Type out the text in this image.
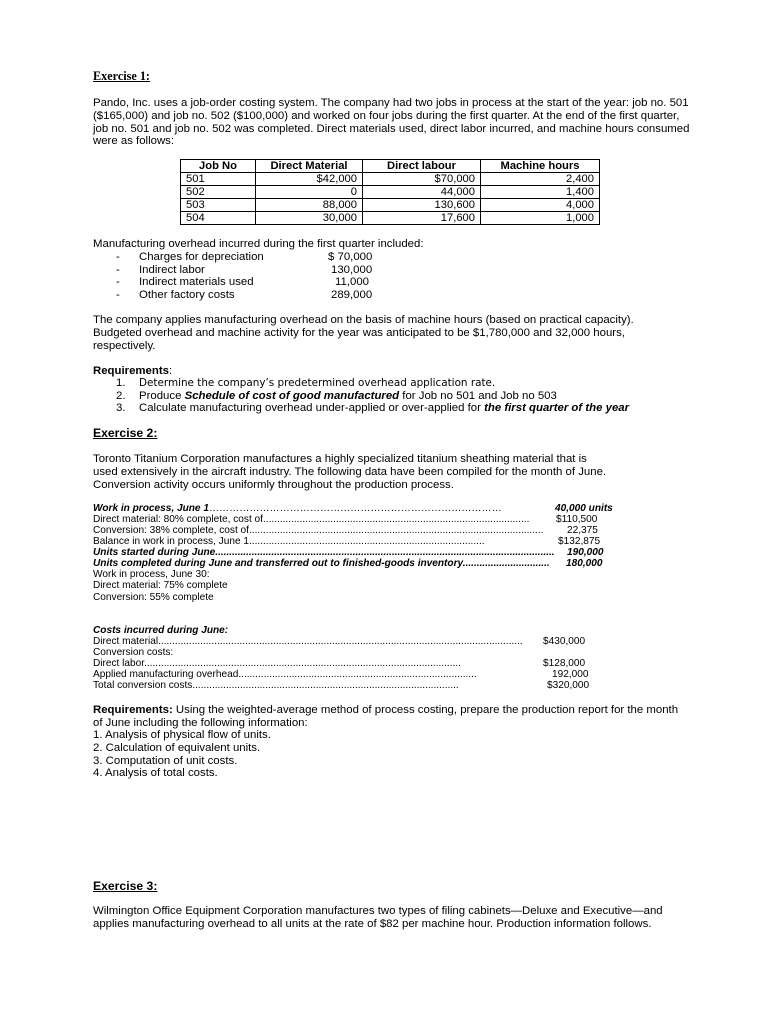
Exercise 1:
Pando, Inc. uses a job-order costing system. The company had two jobs in process at the start of the year: job no. 501
($165,000) and job no. 502 ($100,000) and worked on four jobs during the first quarter. At the end of the first quarter,
job no. 501 and job no. 502 was completed. Direct materials used, direct labor incurred, and machine hours consumed
were as follows:
Job No	Direct Material	Direct labour	Machine hours
501	$42,000	$70,000	2,400
502	0	44,000	1,400
503	88,000	130,600	4,000
504	30,000	17,600	1,000
Manufacturing overhead incurred during the first quarter included:
- Charges for depreciation	$ 70,000
- Indirect labor	130,000
- Indirect materials used	11,000
- Other factory costs	289,000
The company applies manufacturing overhead on the basis of machine hours (based on practical capacity).
Budgeted overhead and machine activity for the year was anticipated to be $1,780,000 and 32,000 hours,
respectively.
Requirements:
1. Determine the company’s predetermined overhead application rate.
2. Produce Schedule of cost of good manufactured for Job no 501 and Job no 503
3. Calculate manufacturing overhead under-applied or over-applied for the first quarter of the year
Exercise 2:
Toronto Titanium Corporation manufactures a highly specialized titanium sheathing material that is
used extensively in the aircraft industry. The following data have been compiled for the month of June.
Conversion activity occurs uniformly throughout the production process.
Work in process, June 1……………………………………………………………………………	40,000 units
Direct material: 80% complete, cost of...............................................................................................	$110,500
Conversion: 38% complete, cost of.........................................................................................................	22,375
Balance in work in process, June 1....................................................................................	$132,875
Units started during June.........................................................................................................................	190,000
Units completed during June and transferred out to finished-goods inventory...............................	180,000
Work in process, June 30:
Direct material: 75% complete
Conversion: 55% complete
Costs incurred during June:
Direct material..................................................................................................................................	$430,000
Conversion costs:
Direct labor.................................................................................................................	$128,000
Applied manufacturing overhead.....................................................................................	192,000
Total conversion costs...............................................................................................	$320,000
Requirements: Using the weighted-average method of process costing, prepare the production report for the month
of June including the following information:
1. Analysis of physical flow of units.
2. Calculation of equivalent units.
3. Computation of unit costs.
4. Analysis of total costs.
Exercise 3:
Wilmington Office Equipment Corporation manufactures two types of filing cabinets—Deluxe and Executive—and
applies manufacturing overhead to all units at the rate of $82 per machine hour. Production information follows.
